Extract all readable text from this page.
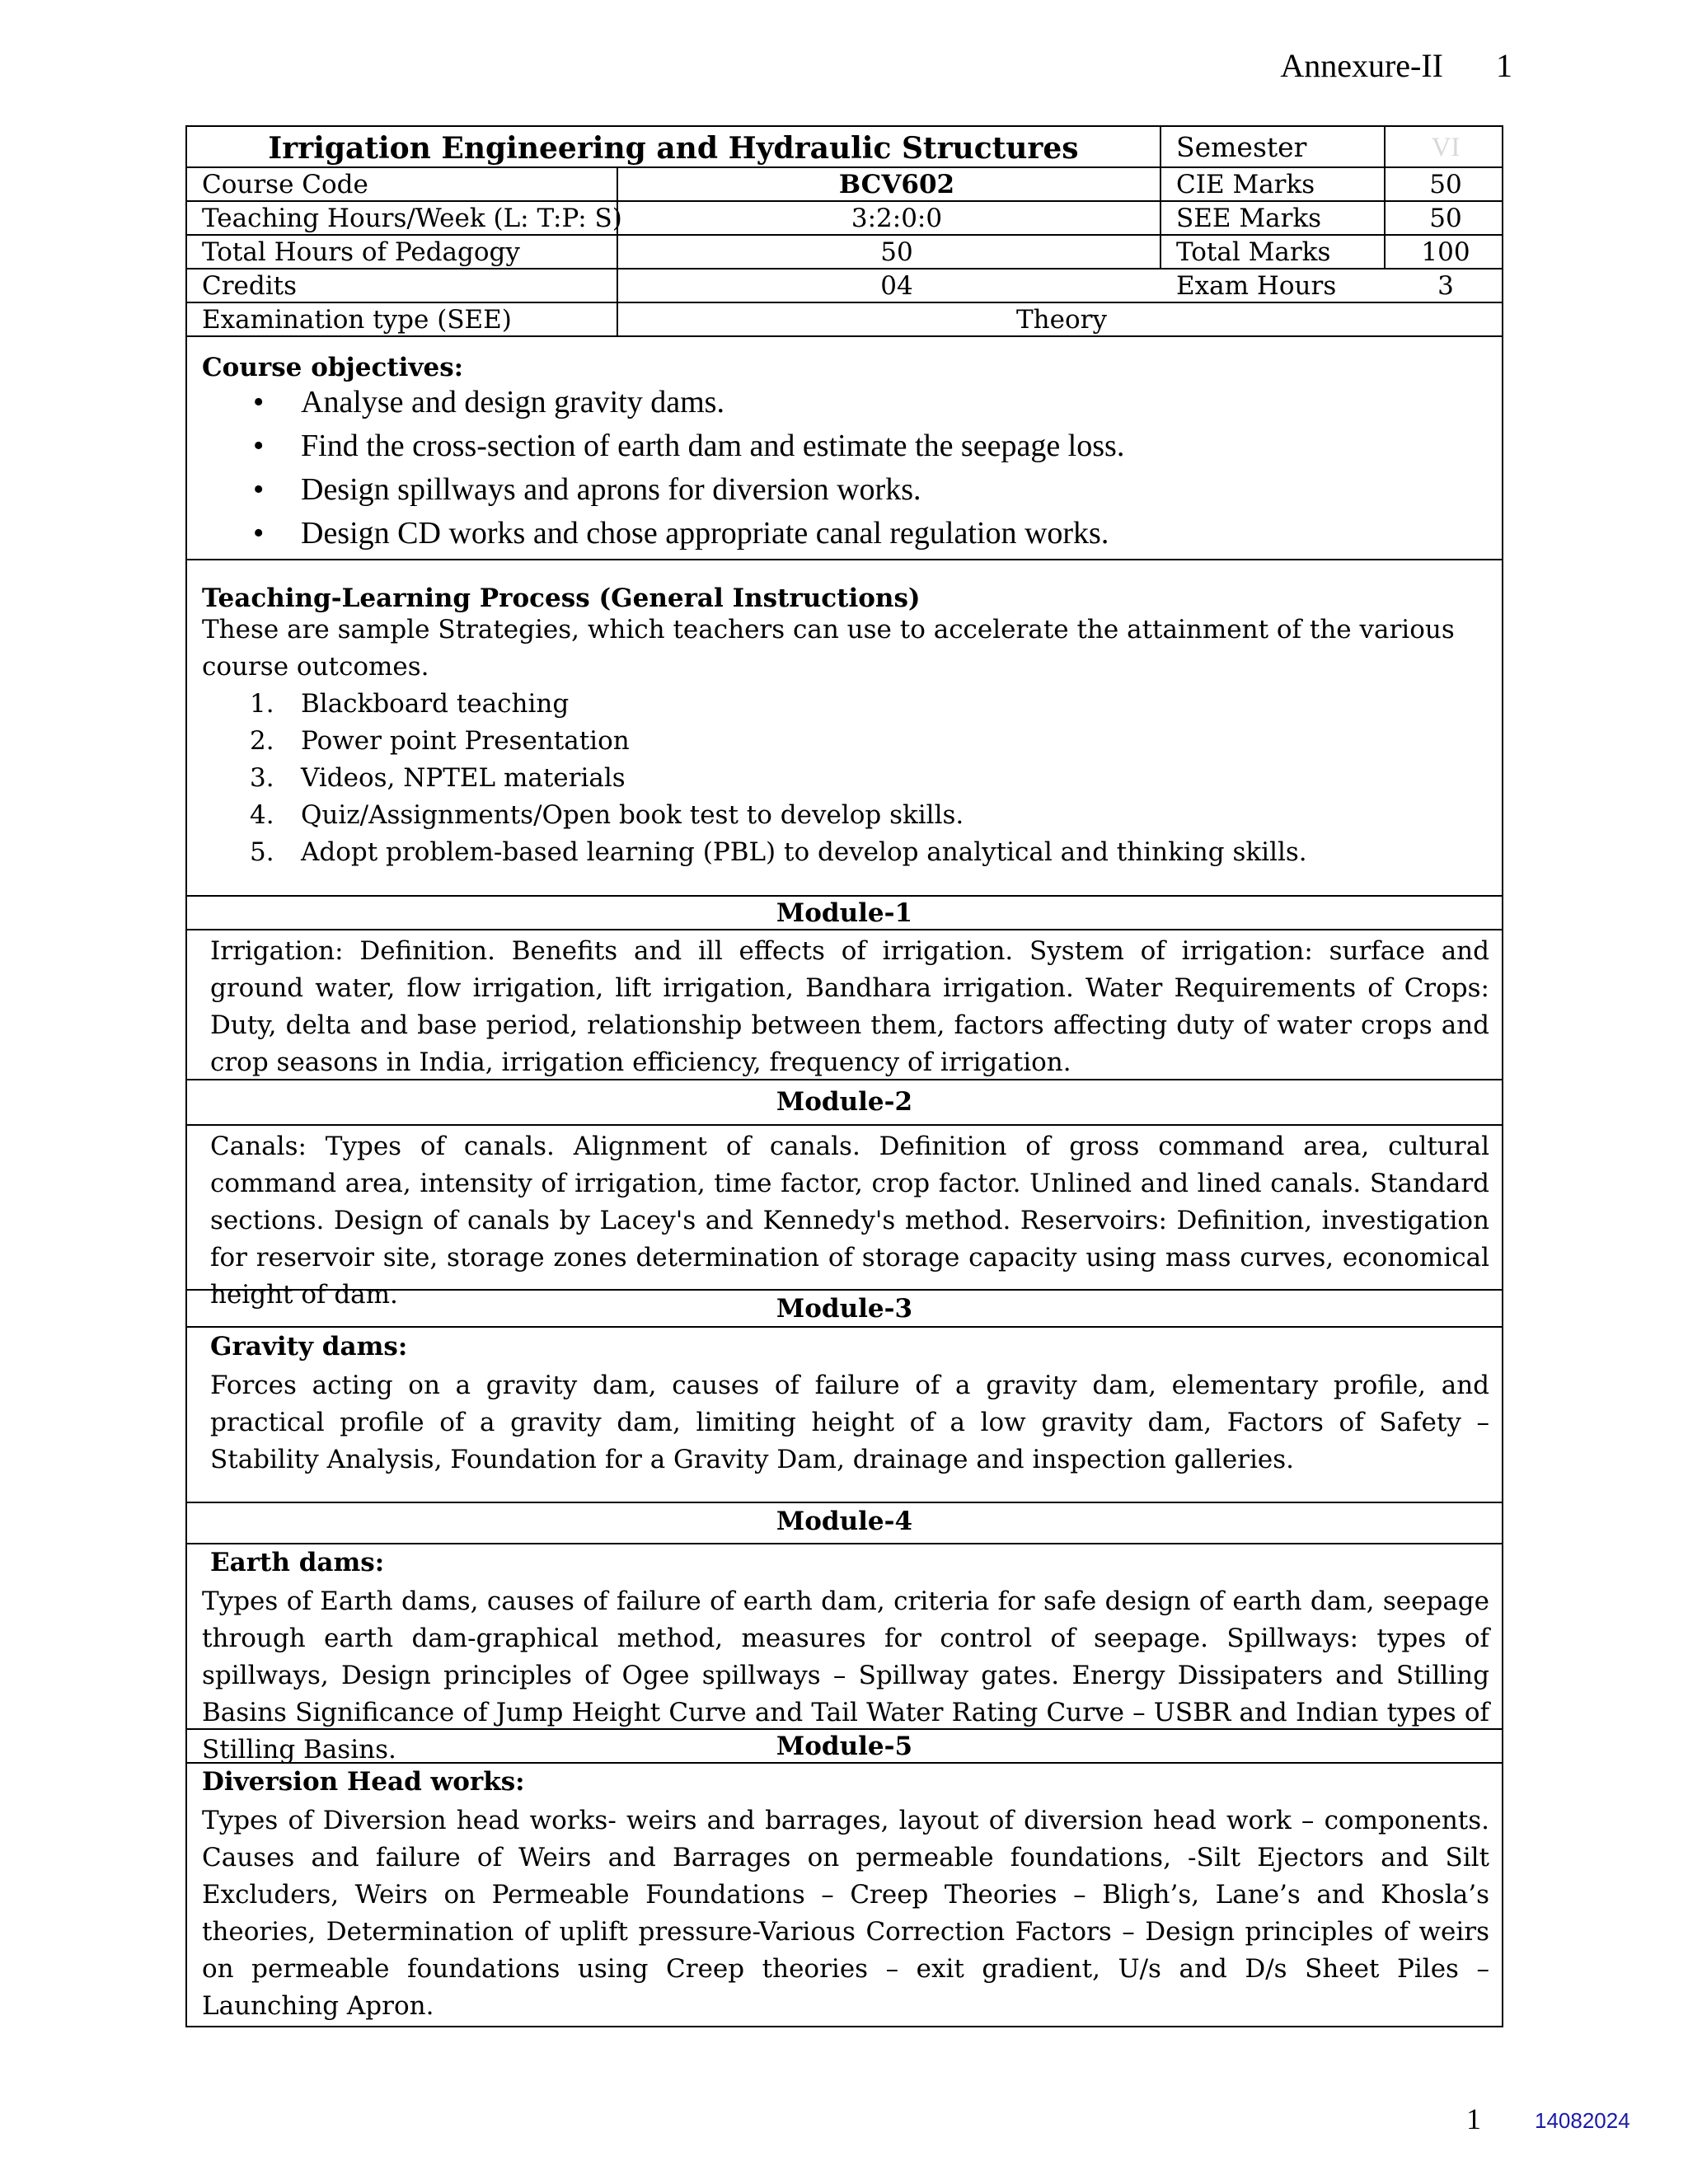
Annexure-II 1
Irrigation Engineering and Hydraulic Structures	Semester	VI
Course Code	BCV602	CIE Marks	50
Teaching Hours/Week (L: T:P: S)	3:2:0:0	SEE Marks	50
Total Hours of Pedagogy	50	Total Marks	100
Credits	04	Exam Hours	3
Examination type (SEE)	Theory
Course objectives:
• Analyse and design gravity dams.
• Find the cross-section of earth dam and estimate the seepage loss.
• Design spillways and aprons for diversion works.
• Design CD works and chose appropriate canal regulation works.
Teaching-Learning Process (General Instructions)
These are sample Strategies, which teachers can use to accelerate the attainment of the various course outcomes.
1. Blackboard teaching
2. Power point Presentation
3. Videos, NPTEL materials
4. Quiz/Assignments/Open book test to develop skills.
5. Adopt problem-based learning (PBL) to develop analytical and thinking skills.
Module-1
Irrigation: Definition. Benefits and ill effects of irrigation. System of irrigation: surface and ground water, flow irrigation, lift irrigation, Bandhara irrigation. Water Requirements of Crops: Duty, delta and base period, relationship between them, factors affecting duty of water crops and crop seasons in India, irrigation efficiency, frequency of irrigation.
Module-2
Canals: Types of canals. Alignment of canals. Definition of gross command area, cultural command area, intensity of irrigation, time factor, crop factor. Unlined and lined canals. Standard sections. Design of canals by Lacey's and Kennedy's method. Reservoirs: Definition, investigation for reservoir site, storage zones determination of storage capacity using mass curves, economical height of dam.	Module-3
Gravity dams:
Forces acting on a gravity dam, causes of failure of a gravity dam, elementary profile, and practical profile of a gravity dam, limiting height of a low gravity dam, Factors of Safety – Stability Analysis, Foundation for a Gravity Dam, drainage and inspection galleries.
Module-4
Earth dams:
Types of Earth dams, causes of failure of earth dam, criteria for safe design of earth dam, seepage through earth dam-graphical method, measures for control of seepage. Spillways: types of spillways, Design principles of Ogee spillways – Spillway gates. Energy Dissipaters and Stilling Basins Significance of Jump Height Curve and Tail Water Rating Curve – USBR and Indian types of Stilling Basins.	Module-5
Diversion Head works:
Types of Diversion head works- weirs and barrages, layout of diversion head work – components. Causes and failure of Weirs and Barrages on permeable foundations, -Silt Ejectors and Silt Excluders, Weirs on Permeable Foundations – Creep Theories – Bligh’s, Lane’s and Khosla’s theories, Determination of uplift pressure-Various Correction Factors – Design principles of weirs on permeable foundations using Creep theories – exit gradient, U/s and D/s Sheet Piles – Launching Apron.
1	14082024
